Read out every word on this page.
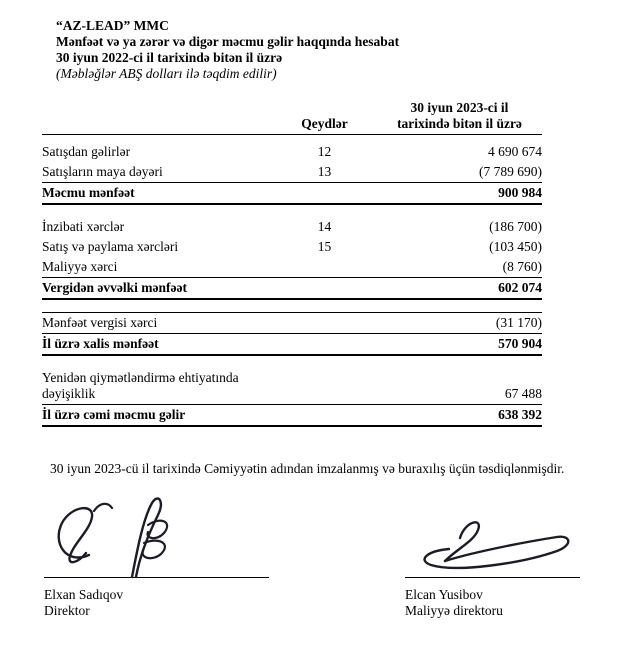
“AZ-LEAD” MMC
Mənfəət və ya zərər və digər məcmu gəlir haqqında hesabat
30 iyun 2022-ci il tarixində bitən il üzrə
(Məbləğlər ABŞ dolları ilə təqdim edilir)
	Qeydlər	30 iyun 2023-ci il
tarixində bitən il üzrə

Satışdan gəlirlər	12	4 690 674
Satışların maya dəyəri	13	(7 789 690)
Məcmu mənfəət		900 984

İnzibati xərclər	14	(186 700)
Satış və paylama xərcləri	15	(103 450)
Maliyyə xərci		(8 760)
Vergidən əvvəlki mənfəət		602 074

Mənfəət vergisi xərci		(31 170)
İl üzrə xalis mənfəət		570 904

Yenidən qiymətləndirmə ehtiyatında dəyişiklik		67 488
İl üzrə cəmi məcmu gəlir		638 392
30 iyun 2023-cü il tarixində Cəmiyyətin adından imzalanmış və buraxılış üçün təsdiqlənmişdir.
Elxan Sadıqov
Direktor
Elcan Yusibov
Maliyyə direktoru
